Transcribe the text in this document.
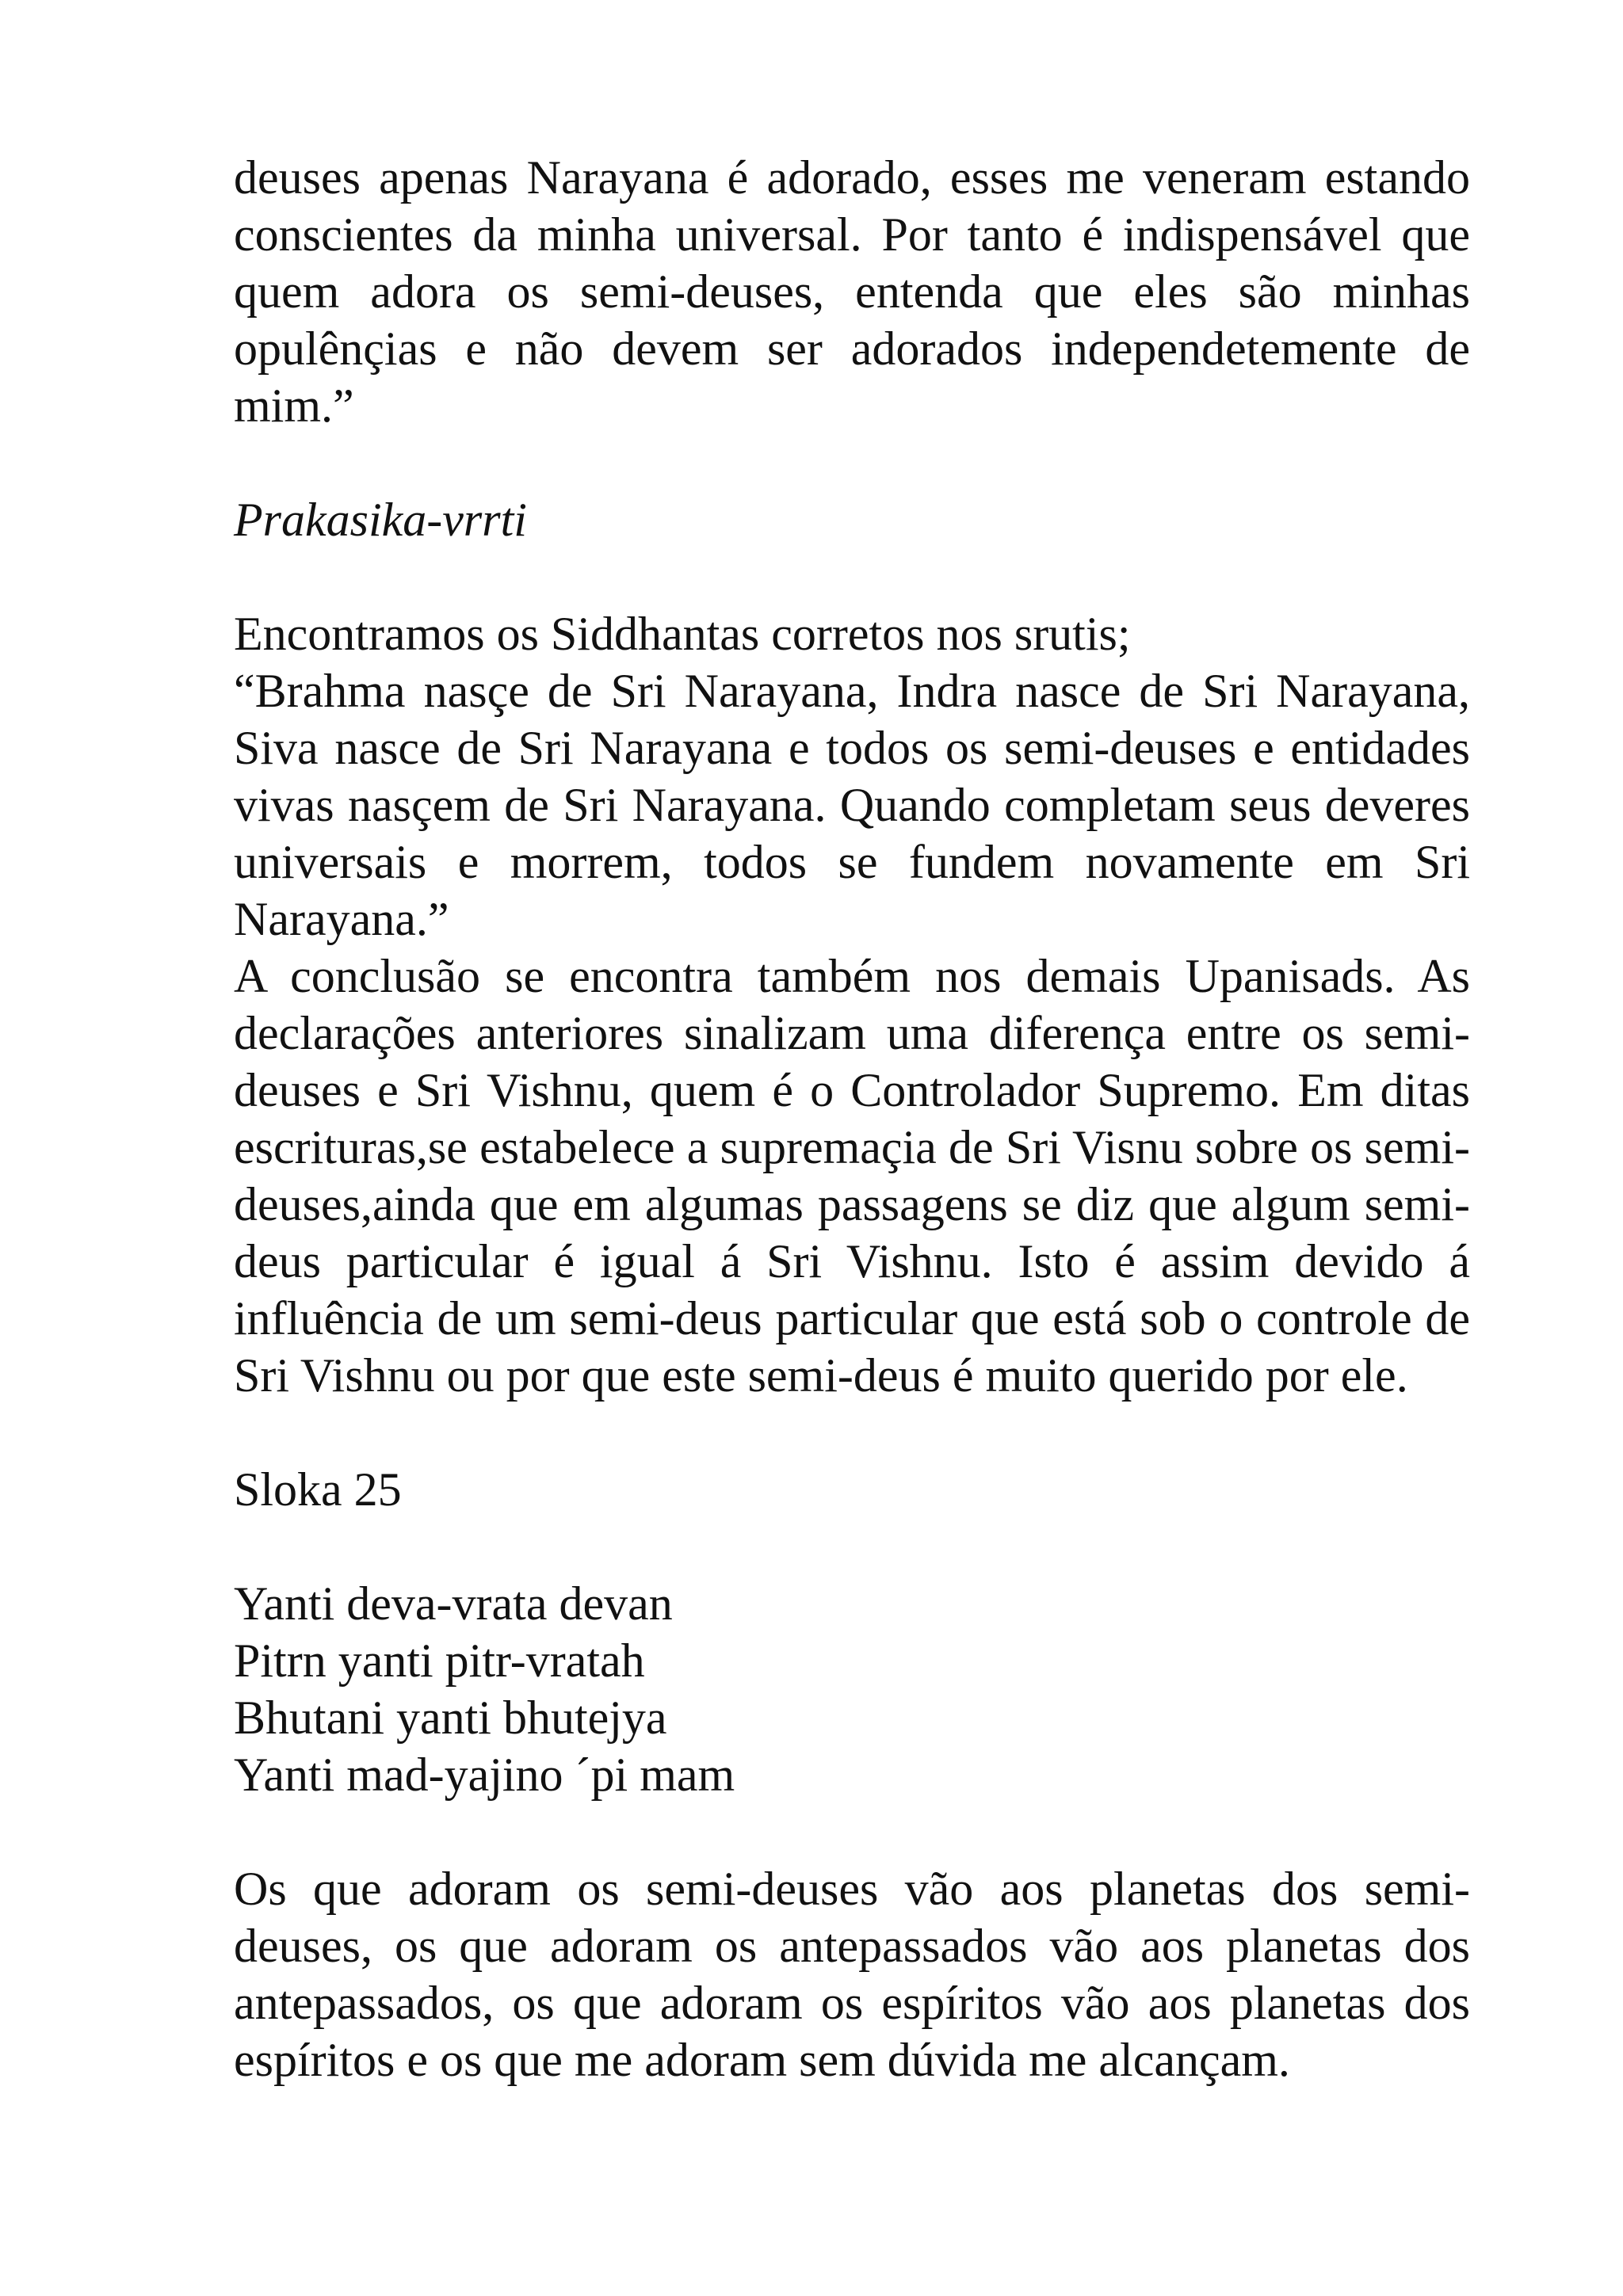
deuses apenas Narayana é adorado, esses me veneram estando conscientes da minha universal. Por tanto é indispensável que quem adora os semi-deuses, entenda que eles são minhas opulênçias e não devem ser adorados independetemente de mim.”

Prakasika-vrrti

Encontramos os Siddhantas corretos nos srutis;

“Brahma nasçe de Sri Narayana, Indra nasce de Sri Narayana, Siva nasce de Sri Narayana e todos os semi-deuses e entidades vivas nasçem de Sri Narayana. Quando completam seus deveres universais e morrem, todos se fundem novamente em Sri Narayana.”

A conclusão se encontra também nos demais Upanisads. As declarações anteriores sinalizam uma diferença entre os semi-deuses e Sri Vishnu, quem é o Controlador Supremo. Em ditas escrituras,se estabelece a supremaçia de Sri Visnu sobre os semi-deuses,ainda que em algumas passagens se diz que algum semi-deus particular é igual á Sri Vishnu. Isto é assim devido á influência de um semi-deus particular que está sob o controle de Sri Vishnu ou por que este semi-deus é muito querido por ele.

Sloka 25

Yanti deva-vrata devan
Pitrn yanti pitr-vratah
Bhutani yanti bhutejya
Yanti mad-yajino ´pi mam

Os que adoram os semi-deuses vão aos planetas dos semi-deuses, os que adoram os antepassados vão aos planetas dos antepassados, os que adoram os espíritos vão aos planetas dos espíritos e os que me adoram sem dúvida me alcançam.
